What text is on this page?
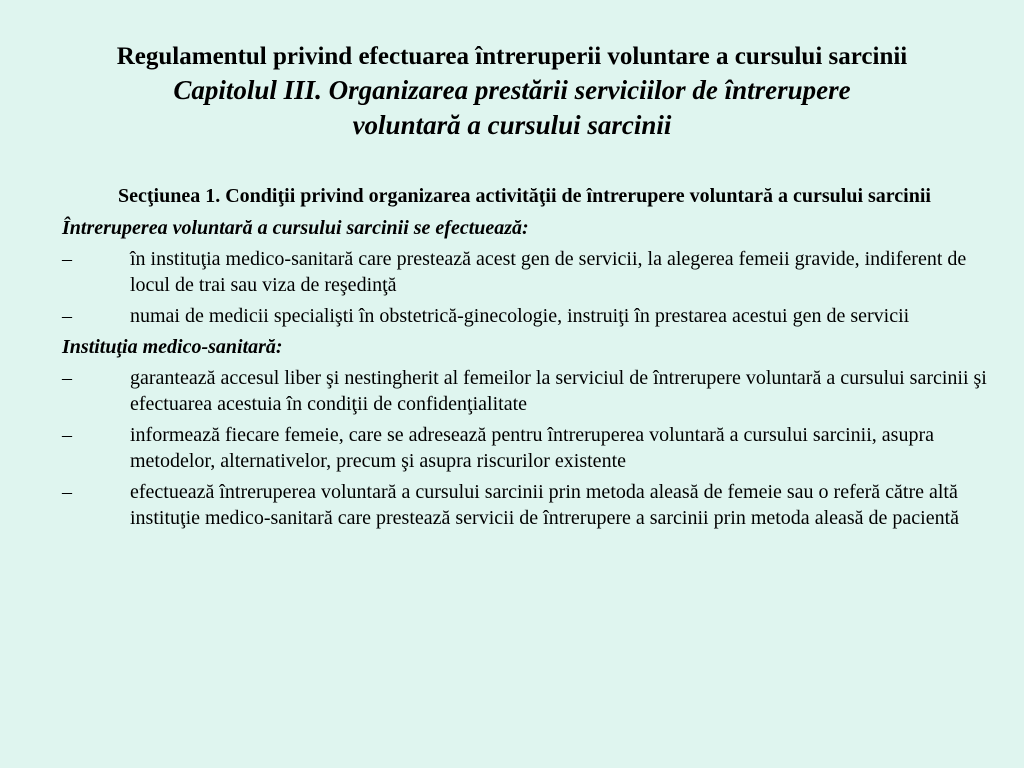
Regulamentul privind efectuarea întreruperii voluntare a cursului sarcinii
Capitolul III. Organizarea prestării serviciilor de întrerupere
voluntară a cursului sarcinii
Secţiunea 1. Condiţii privind organizarea activităţii de întrerupere voluntară a cursului sarcinii
Întreruperea voluntară a cursului sarcinii se efectuează:
–	în instituţia medico-sanitară care prestează acest gen de servicii, la alegerea femeii gravide, indiferent de locul de trai sau viza de reşedinţă
–	numai de medicii specialişti în obstetrică-ginecologie, instruiţi în prestarea acestui gen de servicii
Instituţia medico-sanitară:
–	garantează accesul liber şi nestingherit al femeilor la serviciul de întrerupere voluntară a cursului sarcinii şi efectuarea acestuia în condiţii de confidenţialitate
–	informează fiecare femeie, care se adresează pentru întreruperea voluntară a cursului sarcinii, asupra metodelor, alternativelor, precum şi asupra riscurilor existente
–	efectuează întreruperea voluntară a cursului sarcinii prin metoda aleasă de femeie sau o referă către altă instituţie medico-sanitară care prestează servicii de întrerupere a sarcinii prin metoda aleasă de pacientă
